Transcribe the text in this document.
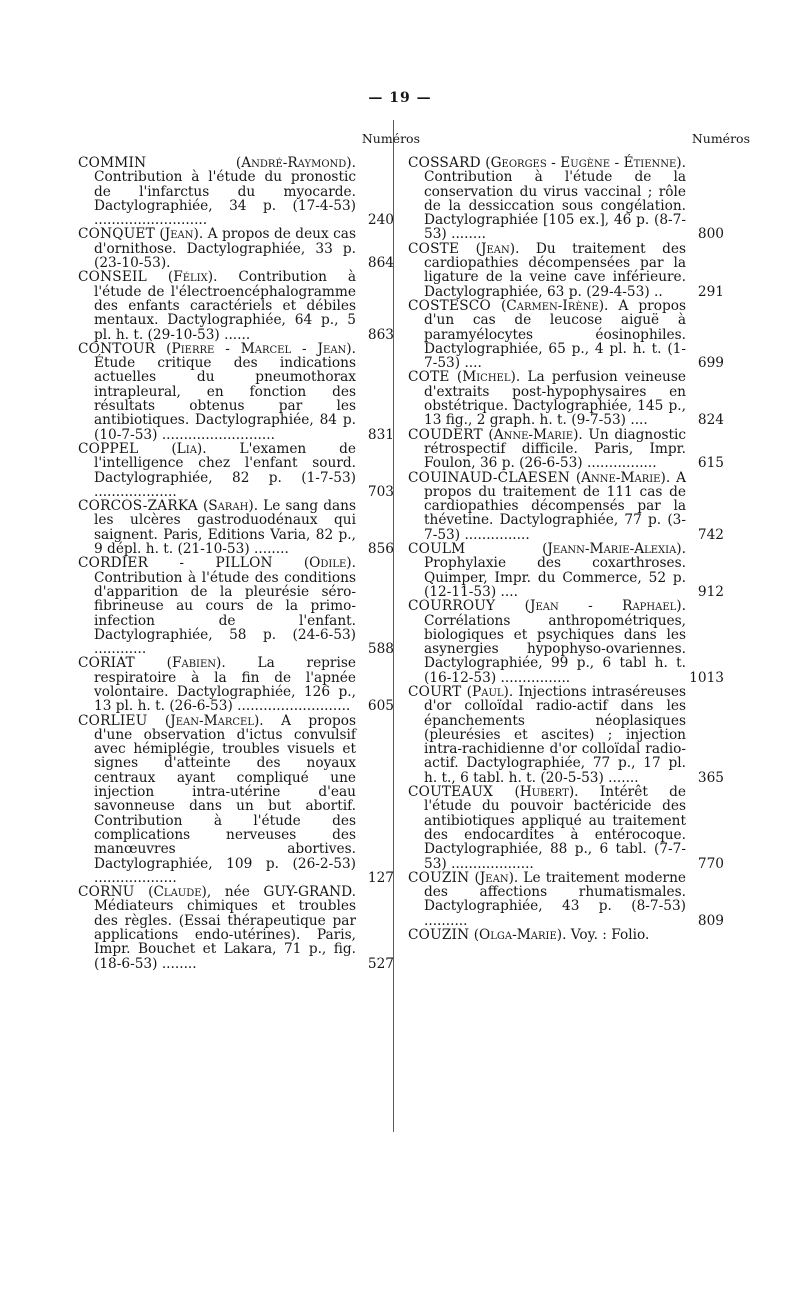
— 19 —
Numéros
COMMIN	(André-Raymond). Contribution à l'étude du pronostic de l'infarctus du myocarde. Dactylographiée, 34 p. (17-4-53) ..........................	240
CONQUET (Jean). A propos de deux cas d'ornithose. Dactylographiée, 33 p. (23-10-53).	864
CONSEIL (Félix). Contribution à l'étude de l'électroencéphalogramme des enfants caractériels et débiles mentaux. Dactylographiée, 64 p., 5 pl. h. t. (29-10-53) ......	863
CONTOUR (Pierre - Marcel - Jean). Étude critique des indications actuelles du pneumothorax intrapleural, en fonction des résultats obtenus par les antibiotiques. Dactylographiée, 84 p. (10-7-53) ..........................	831
COPPEL (Lia). L'examen de l'intelligence chez l'enfant sourd. Dactylographiée, 82 p. (1-7-53) ...................	703
CORCOS-ZARKA (Sarah). Le sang dans les ulcères gastroduodénaux qui saignent. Paris, Editions Varia, 82 p., 9 dépl. h. t. (21-10-53) ........	856
CORDIER - PILLON (Odile). Contribution à l'étude des conditions d'apparition de la pleurésie séro-fibrineuse au cours de la primo-infection de l'enfant. Dactylographiée, 58 p. (24-6-53) ............	588
CORIAT (Fabien). La reprise respiratoire à la fin de l'apnée volontaire. Dactylographiée, 126 p., 13 pl. h. t. (26-6-53) .......................... 605
CORLIEU (Jean-Marcel). A propos d'une observation d'ictus convulsif avec hémiplégie, troubles visuels et signes d'atteinte des noyaux centraux ayant compliqué une injection intra-utérine d'eau savonneuse dans un but abortif. Contribution à l'étude des complications nerveuses des manœuvres abortives. Dactylographiée, 109 p. (26-2-53) ...................	127
CORNU (Claude), née GUY-GRAND. Médiateurs chimiques et troubles des règles. (Essai thérapeutique par applications endo-utérines). Paris, Impr. Bouchet et Lakara, 71 p., fig. (18-6-53) ........	527
Numéros
COSSARD (Georges - Eugène - Étienne). Contribution à l'étude de la conservation du virus vaccinal ; rôle de la dessiccation sous congélation. Dactylographiée [105 ex.], 46 p. (8-7-53) ........	800
COSTE (Jean). Du traitement des cardiopathies décompensées par la ligature de la veine cave inférieure. Dactylographiée, 63 p. (29-4-53) ..	291
COSTESCO (Carmen-Irène). A propos d'un cas de leucose aiguë à paramyélocytes éosinophiles. Dactylographiée, 65 p., 4 pl. h. t. (1-7-53) ....	699
COTE (Michel). La perfusion veineuse d'extraits post-hypophysaires en obstétrique. Dactylographiée, 145 p., 13 fig., 2 graph. h. t. (9-7-53) ....	824
COUDERT (Anne-Marie). Un diagnostic rétrospectif difficile. Paris, Impr. Foulon, 36 p. (26-6-53) ................	615
COUINAUD-CLAESEN (Anne-Marie). A propos du traitement de 111 cas de cardiopathies décompensés par la thévetine. Dactylographiée, 77 p. (3-7-53) ...............	742
COULM	(Jeann-Marie-Alexia). Prophylaxie des coxarthroses. Quimper, Impr. du Commerce, 52 p. (12-11-53) ....	912
COURROUY (Jean - Raphael). Corrélations anthropométriques, biologiques et psychiques dans les asynergies hypophyso-ovariennes. Dactylographiée, 99 p., 6 tabl h. t. (16-12-53) ................	1013
COURT (Paul). Injections intraséreuses d'or colloïdal radio-actif dans les épanchements néoplasiques (pleurésies et ascites) ; injection intra-rachidienne d'or colloïdal radio-actif. Dactylographiée, 77 p., 17 pl. h. t., 6 tabl. h. t. (20-5-53) .......	365
COUTEAUX (Hubert). Intérêt de l'étude du pouvoir bactéricide des antibiotiques appliqué au traitement des endocardites à entérocoque. Dactylographiée, 88 p., 6 tabl. (7-7-53) ...................	770
COUZIN (Jean). Le traitement moderne des affections rhumatismales. Dactylographiée, 43 p. (8-7-53) ..........	809
COUZIN (Olga-Marie). Voy. : Folio.
